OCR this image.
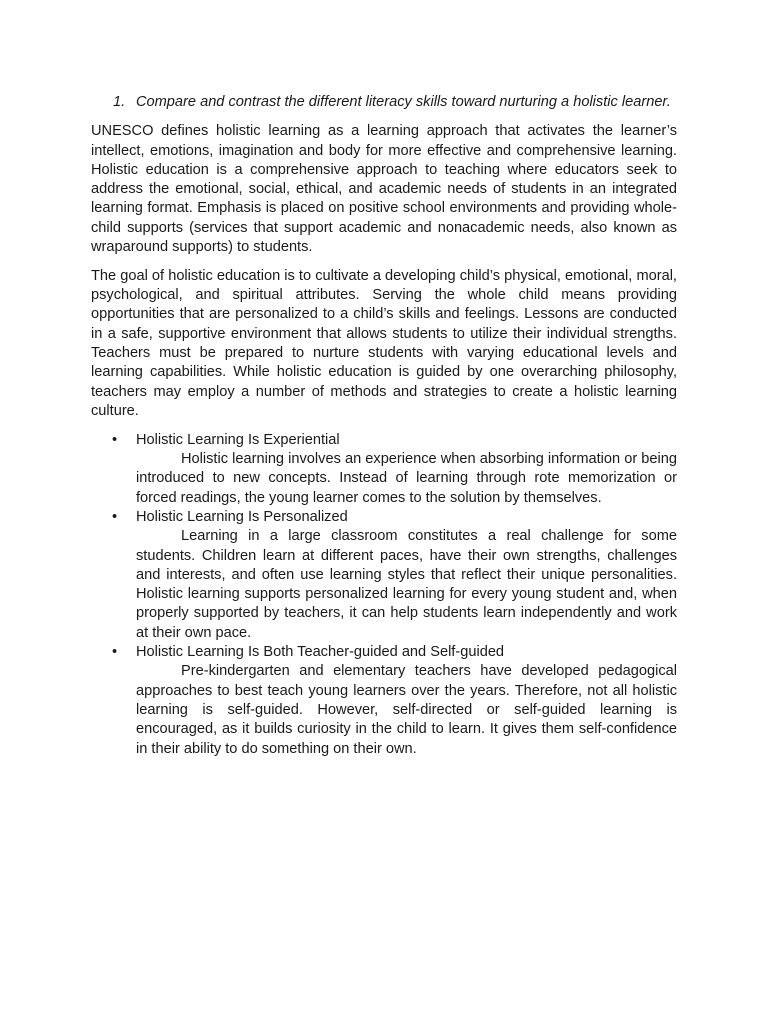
1. Compare and contrast the different literacy skills toward nurturing a holistic learner.

UNESCO defines holistic learning as a learning approach that activates the learner’s intellect, emotions, imagination and body for more effective and comprehensive learning. Holistic education is a comprehensive approach to teaching where educators seek to address the emotional, social, ethical, and academic needs of students in an integrated learning format. Emphasis is placed on positive school environments and providing whole-child supports (services that support academic and nonacademic needs, also known as wraparound supports) to students.

The goal of holistic education is to cultivate a developing child’s physical, emotional, moral, psychological, and spiritual attributes. Serving the whole child means providing opportunities that are personalized to a child’s skills and feelings. Lessons are conducted in a safe, supportive environment that allows students to utilize their individual strengths. Teachers must be prepared to nurture students with varying educational levels and learning capabilities. While holistic education is guided by one overarching philosophy, teachers may employ a number of methods and strategies to create a holistic learning culture.

• Holistic Learning Is Experiential

Holistic learning involves an experience when absorbing information or being introduced to new concepts. Instead of learning through rote memorization or forced readings, the young learner comes to the solution by themselves.

• Holistic Learning Is Personalized

Learning in a large classroom constitutes a real challenge for some students. Children learn at different paces, have their own strengths, challenges and interests, and often use learning styles that reflect their unique personalities. Holistic learning supports personalized learning for every young student and, when properly supported by teachers, it can help students learn independently and work at their own pace.

• Holistic Learning Is Both Teacher-guided and Self-guided

Pre-kindergarten and elementary teachers have developed pedagogical approaches to best teach young learners over the years. Therefore, not all holistic learning is self-guided. However, self-directed or self-guided learning is encouraged, as it builds curiosity in the child to learn. It gives them self-confidence in their ability to do something on their own.
